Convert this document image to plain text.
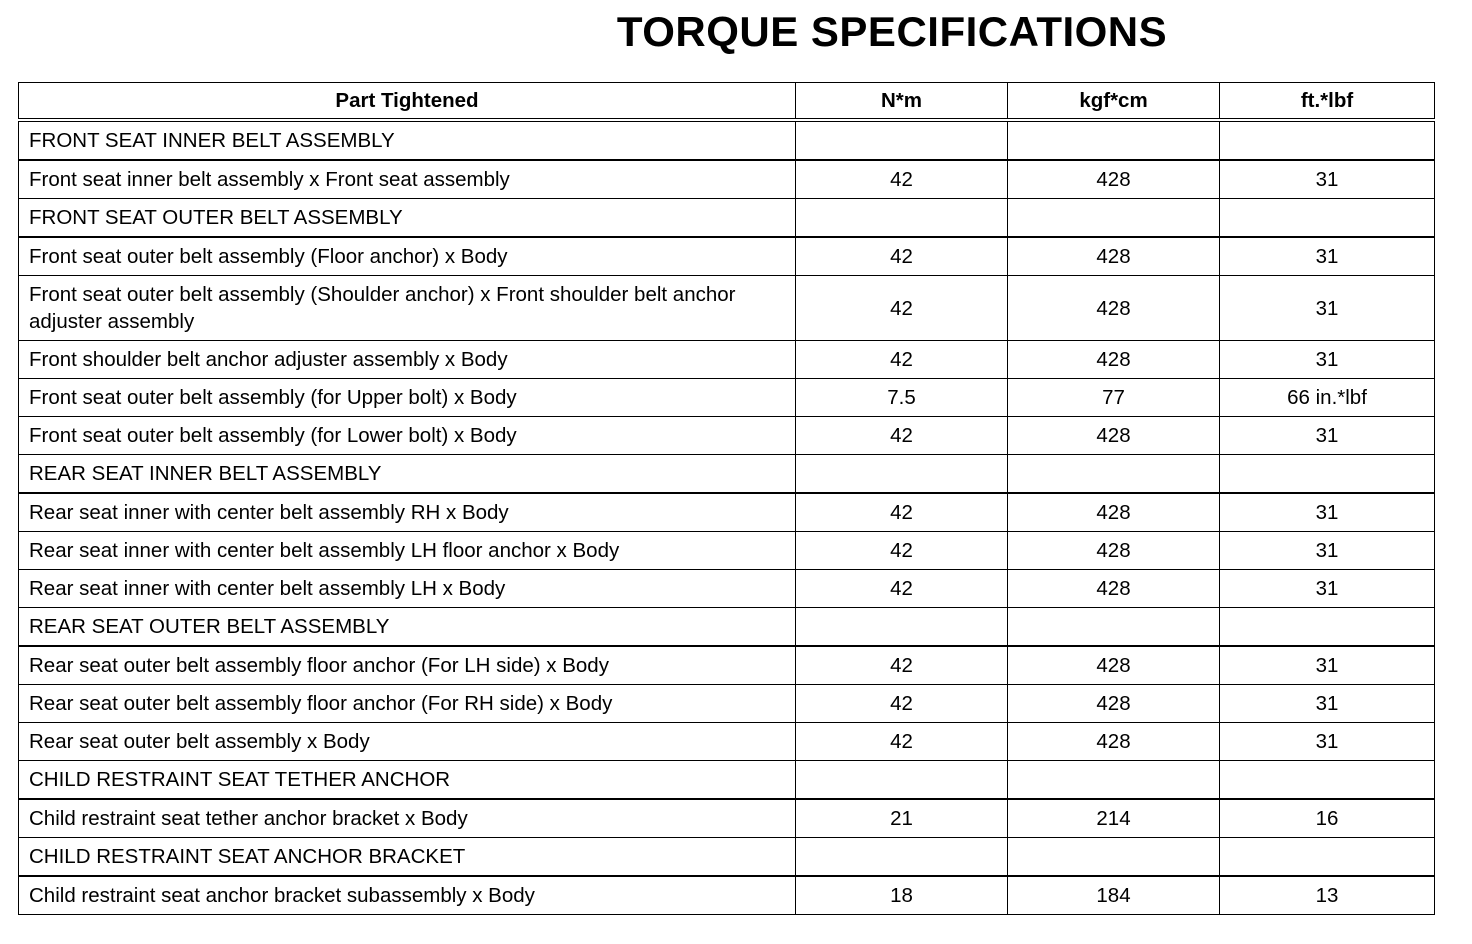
TORQUE SPECIFICATIONS
Part Tightened	N*m	kgf*cm	ft.*lbf
FRONT SEAT INNER BELT ASSEMBLY			
Front seat inner belt assembly x Front seat assembly	42	428	31
FRONT SEAT OUTER BELT ASSEMBLY			
Front seat outer belt assembly (Floor anchor) x Body	42	428	31
Front seat outer belt assembly (Shoulder anchor) x Front shoulder belt anchor adjuster assembly	42	428	31
Front shoulder belt anchor adjuster assembly x Body	42	428	31
Front seat outer belt assembly (for Upper bolt) x Body	7.5	77	66 in.*lbf
Front seat outer belt assembly (for Lower bolt) x Body	42	428	31
REAR SEAT INNER BELT ASSEMBLY			
Rear seat inner with center belt assembly RH x Body	42	428	31
Rear seat inner with center belt assembly LH floor anchor x Body	42	428	31
Rear seat inner with center belt assembly LH x Body	42	428	31
REAR SEAT OUTER BELT ASSEMBLY			
Rear seat outer belt assembly floor anchor (For LH side) x Body	42	428	31
Rear seat outer belt assembly floor anchor (For RH side) x Body	42	428	31
Rear seat outer belt assembly x Body	42	428	31
CHILD RESTRAINT SEAT TETHER ANCHOR			
Child restraint seat tether anchor bracket x Body	21	214	16
CHILD RESTRAINT SEAT ANCHOR BRACKET			
Child restraint seat anchor bracket subassembly x Body	18	184	13
